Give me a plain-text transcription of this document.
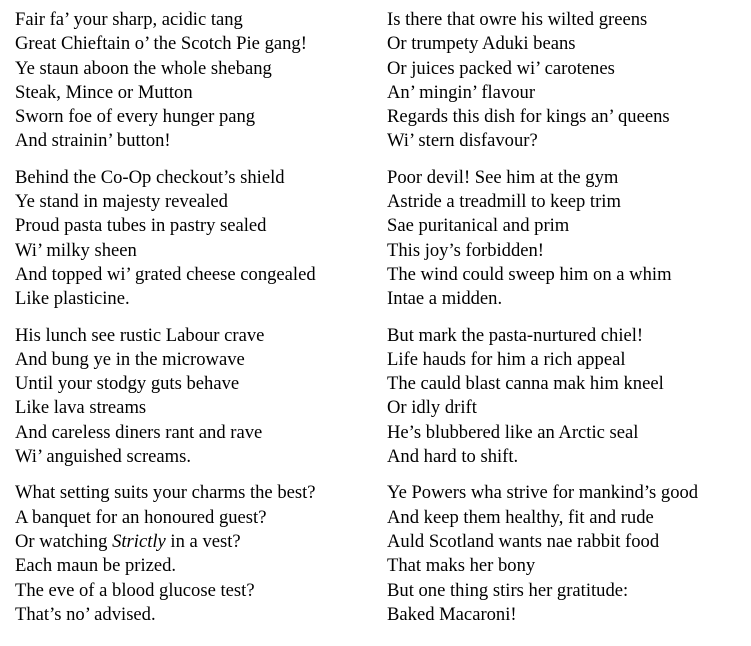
Fair fa’ your sharp, acidic tang
Great Chieftain o’ the Scotch Pie gang!
Ye staun aboon the whole shebang
Steak, Mince or Mutton
Sworn foe of every hunger pang
And strainin’ button!
Is there that owre his wilted greens
Or trumpety Aduki beans
Or juices packed wi’ carotenes
An’ mingin’ flavour
Regards this dish for kings an’ queens
Wi’ stern disfavour?
Behind the Co-Op checkout’s shield
Ye stand in majesty revealed
Proud pasta tubes in pastry sealed
Wi’ milky sheen
And topped wi’ grated cheese congealed
Like plasticine.
Poor devil! See him at the gym
Astride a treadmill to keep trim
Sae puritanical and prim
This joy’s forbidden!
The wind could sweep him on a whim
Intae a midden.
His lunch see rustic Labour crave
And bung ye in the microwave
Until your stodgy guts behave
Like lava streams
And careless diners rant and rave
Wi’ anguished screams.
But mark the pasta-nurtured chiel!
Life hauds for him a rich appeal
The cauld blast canna mak him kneel
Or idly drift
He’s blubbered like an Arctic seal
And hard to shift.
What setting suits your charms the best?
A banquet for an honoured guest?
Or watching Strictly in a vest?
Each maun be prized.
The eve of a blood glucose test?
That’s no’ advised.
Ye Powers wha strive for mankind’s good
And keep them healthy, fit and rude
Auld Scotland wants nae rabbit food
That maks her bony
But one thing stirs her gratitude:
Baked Macaroni!
